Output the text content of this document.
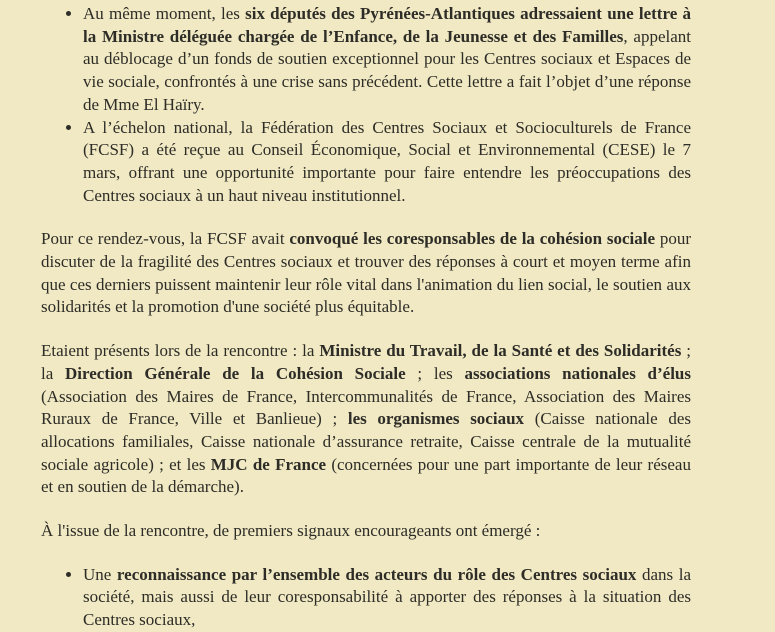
• Au même moment, les six députés des Pyrénées-Atlantiques adressaient une lettre à la Ministre déléguée chargée de l’Enfance, de la Jeunesse et des Familles, appelant au déblocage d’un fonds de soutien exceptionnel pour les Centres sociaux et Espaces de vie sociale, confrontés à une crise sans précédent. Cette lettre a fait l’objet d’une réponse de Mme El Haïry.
• A l’échelon national, la Fédération des Centres Sociaux et Socioculturels de France (FCSF) a été reçue au Conseil Économique, Social et Environnemental (CESE) le 7 mars, offrant une opportunité importante pour faire entendre les préoccupations des Centres sociaux à un haut niveau institutionnel.

Pour ce rendez-vous, la FCSF avait convoqué les coresponsables de la cohésion sociale pour discuter de la fragilité des Centres sociaux et trouver des réponses à court et moyen terme afin que ces derniers puissent maintenir leur rôle vital dans l'animation du lien social, le soutien aux solidarités et la promotion d'une société plus équitable.

Etaient présents lors de la rencontre : la Ministre du Travail, de la Santé et des Solidarités ; la Direction Générale de la Cohésion Sociale ; les associations nationales d’élus (Association des Maires de France, Intercommunalités de France, Association des Maires Ruraux de France, Ville et Banlieue) ; les organismes sociaux (Caisse nationale des allocations familiales, Caisse nationale d’assurance retraite, Caisse centrale de la mutualité sociale agricole) ; et les MJC de France (concernées pour une part importante de leur réseau et en soutien de la démarche).

À l'issue de la rencontre, de premiers signaux encourageants ont émergé :

• Une reconnaissance par l’ensemble des acteurs du rôle des Centres sociaux dans la société, mais aussi de leur coresponsabilité à apporter des réponses à la situation des Centres sociaux,
